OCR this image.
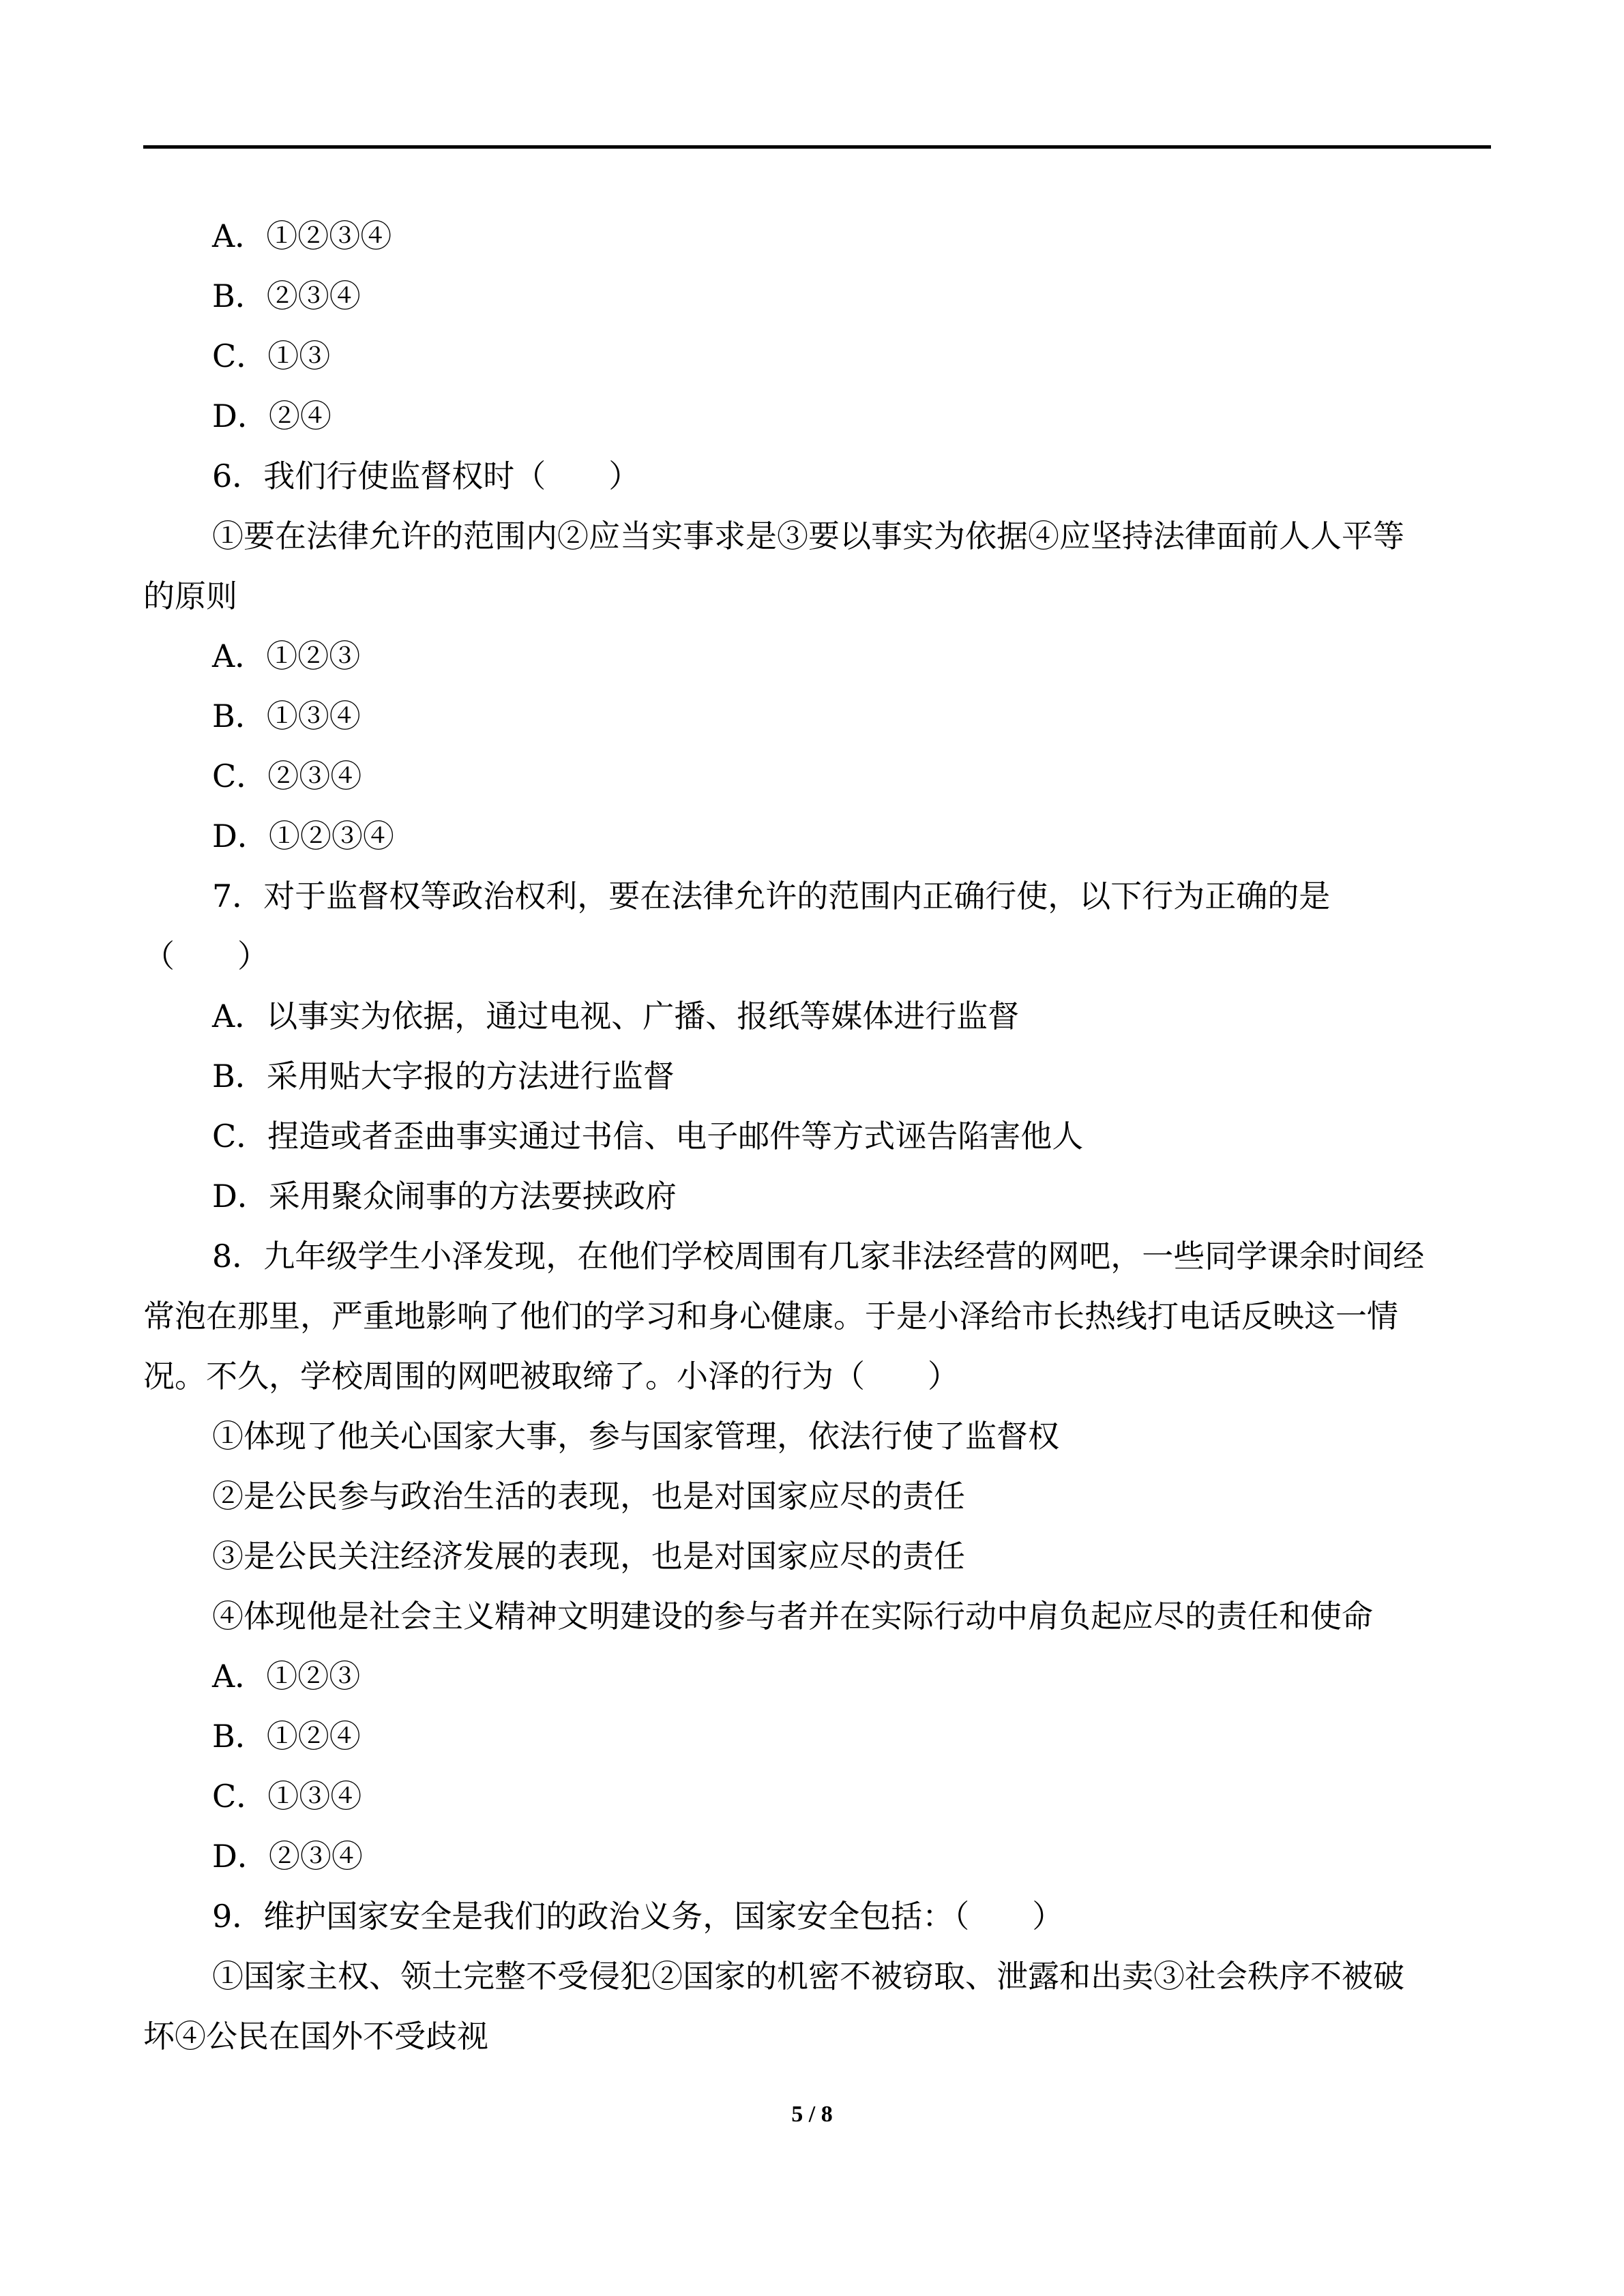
A．①②③④
B．②③④
C．①③
D．②④
6．我们行使监督权时（　　）
①要在法律允许的范围内②应当实事求是③要以事实为依据④应坚持法律面前人人平等
的原则
A．①②③
B．①③④
C．②③④
D．①②③④
7．对于监督权等政治权利，要在法律允许的范围内正确行使，以下行为正确的是
（　　）
A．以事实为依据，通过电视、广播、报纸等媒体进行监督
B．采用贴大字报的方法进行监督
C．捏造或者歪曲事实通过书信、电子邮件等方式诬告陷害他人
D．采用聚众闹事的方法要挟政府
8．九年级学生小泽发现，在他们学校周围有几家非法经营的网吧，一些同学课余时间经
常泡在那里，严重地影响了他们的学习和身心健康。于是小泽给市长热线打电话反映这一情
况。不久，学校周围的网吧被取缔了。小泽的行为（　　）
①体现了他关心国家大事，参与国家管理，依法行使了监督权
②是公民参与政治生活的表现，也是对国家应尽的责任
③是公民关注经济发展的表现，也是对国家应尽的责任
④体现他是社会主义精神文明建设的参与者并在实际行动中肩负起应尽的责任和使命
A．①②③
B．①②④
C．①③④
D．②③④
9．维护国家安全是我们的政治义务，国家安全包括：（　　）
①国家主权、领土完整不受侵犯②国家的机密不被窃取、泄露和出卖③社会秩序不被破
坏④公民在国外不受歧视
5 / 8
